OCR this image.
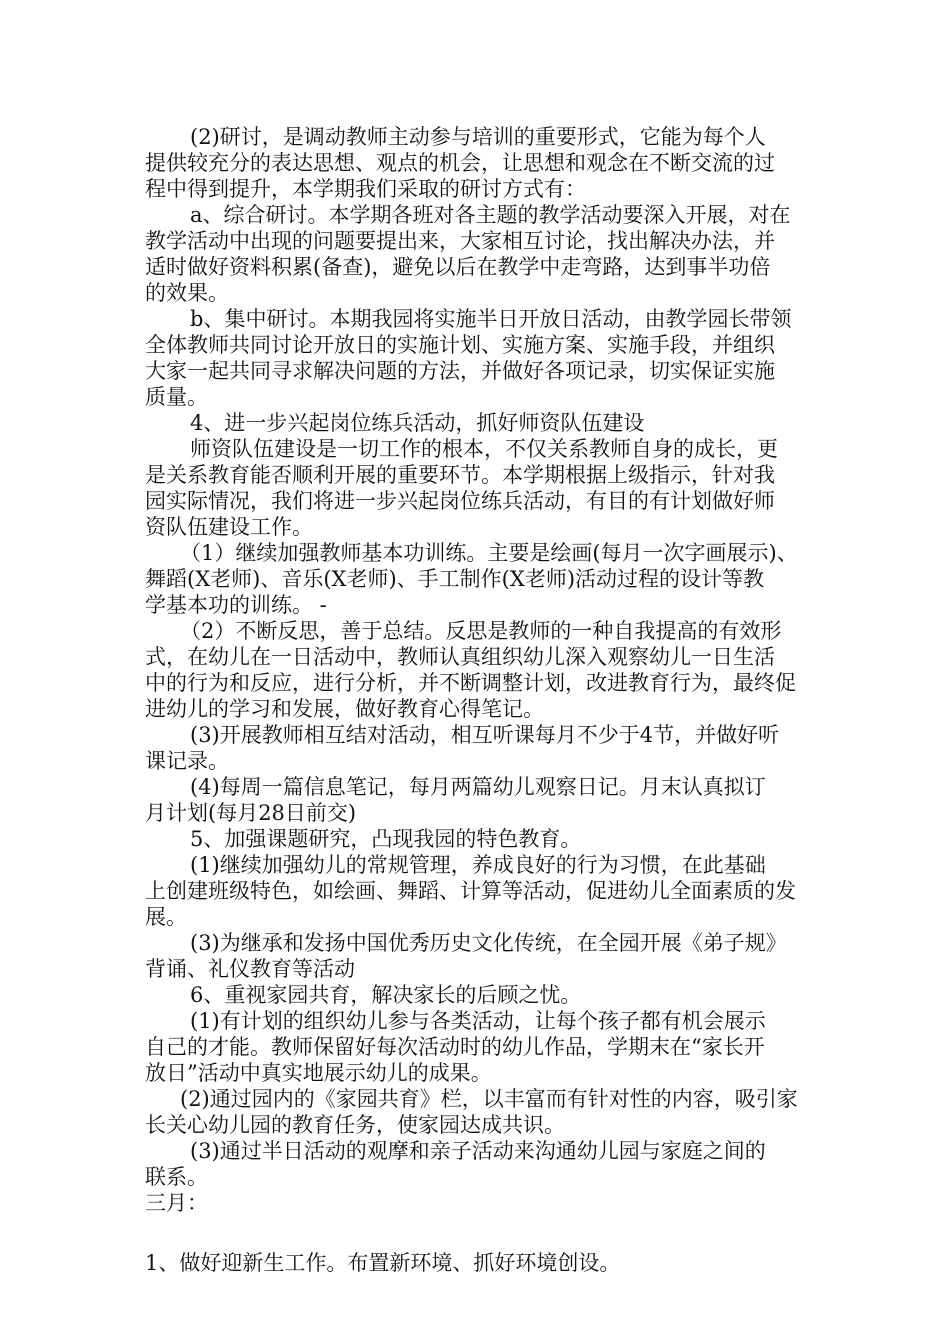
(2)研讨，是调动教师主动参与培训的重要形式，它能为每个人
提供较充分的表达思想、观点的机会，让思想和观念在不断交流的过
程中得到提升，本学期我们采取的研讨方式有：
a、综合研讨。本学期各班对各主题的教学活动要深入开展，对在
教学活动中出现的问题要提出来，大家相互讨论，找出解决办法，并
适时做好资料积累(备查)，避免以后在教学中走弯路，达到事半功倍
的效果。
b、集中研讨。本期我园将实施半日开放日活动，由教学园长带领
全体教师共同讨论开放日的实施计划、实施方案、实施手段，并组织
大家一起共同寻求解决问题的方法，并做好各项记录，切实保证实施
质量。
4、进一步兴起岗位练兵活动，抓好师资队伍建设
师资队伍建设是一切工作的根本，不仅关系教师自身的成长，更
是关系教育能否顺利开展的重要环节。本学期根据上级指示，针对我
园实际情况，我们将进一步兴起岗位练兵活动，有目的有计划做好师
资队伍建设工作。
（1）继续加强教师基本功训练。主要是绘画(每月一次字画展示)、
舞蹈(X老师)、音乐(X老师)、手工制作(X老师)活动过程的设计等教
学基本功的训练。 -
（2）不断反思，善于总结。反思是教师的一种自我提高的有效形
式，在幼儿在一日活动中，教师认真组织幼儿深入观察幼儿一日生活
中的行为和反应，进行分析，并不断调整计划，改进教育行为，最终促
进幼儿的学习和发展，做好教育心得笔记。
(3)开展教师相互结对活动，相互听课每月不少于4节，并做好听
课记录。
(4)每周一篇信息笔记，每月两篇幼儿观察日记。月末认真拟订
月计划(每月28日前交)
5、加强课题研究，凸现我园的特色教育。
(1)继续加强幼儿的常规管理，养成良好的行为习惯，在此基础
上创建班级特色，如绘画、舞蹈、计算等活动，促进幼儿全面素质的发
展。
(3)为继承和发扬中国优秀历史文化传统，在全园开展《弟子规》
背诵、礼仪教育等活动
6、重视家园共育，解决家长的后顾之忧。
(1)有计划的组织幼儿参与各类活动，让每个孩子都有机会展示
自己的才能。教师保留好每次活动时的幼儿作品，学期末在“家长开
放日”活动中真实地展示幼儿的成果。
(2)通过园内的《家园共育》栏，以丰富而有针对性的内容，吸引家
长关心幼儿园的教育任务，使家园达成共识。
(3)通过半日活动的观摩和亲子活动来沟通幼儿园与家庭之间的
联系。
三月：
1、做好迎新生工作。布置新环境、抓好环境创设。
